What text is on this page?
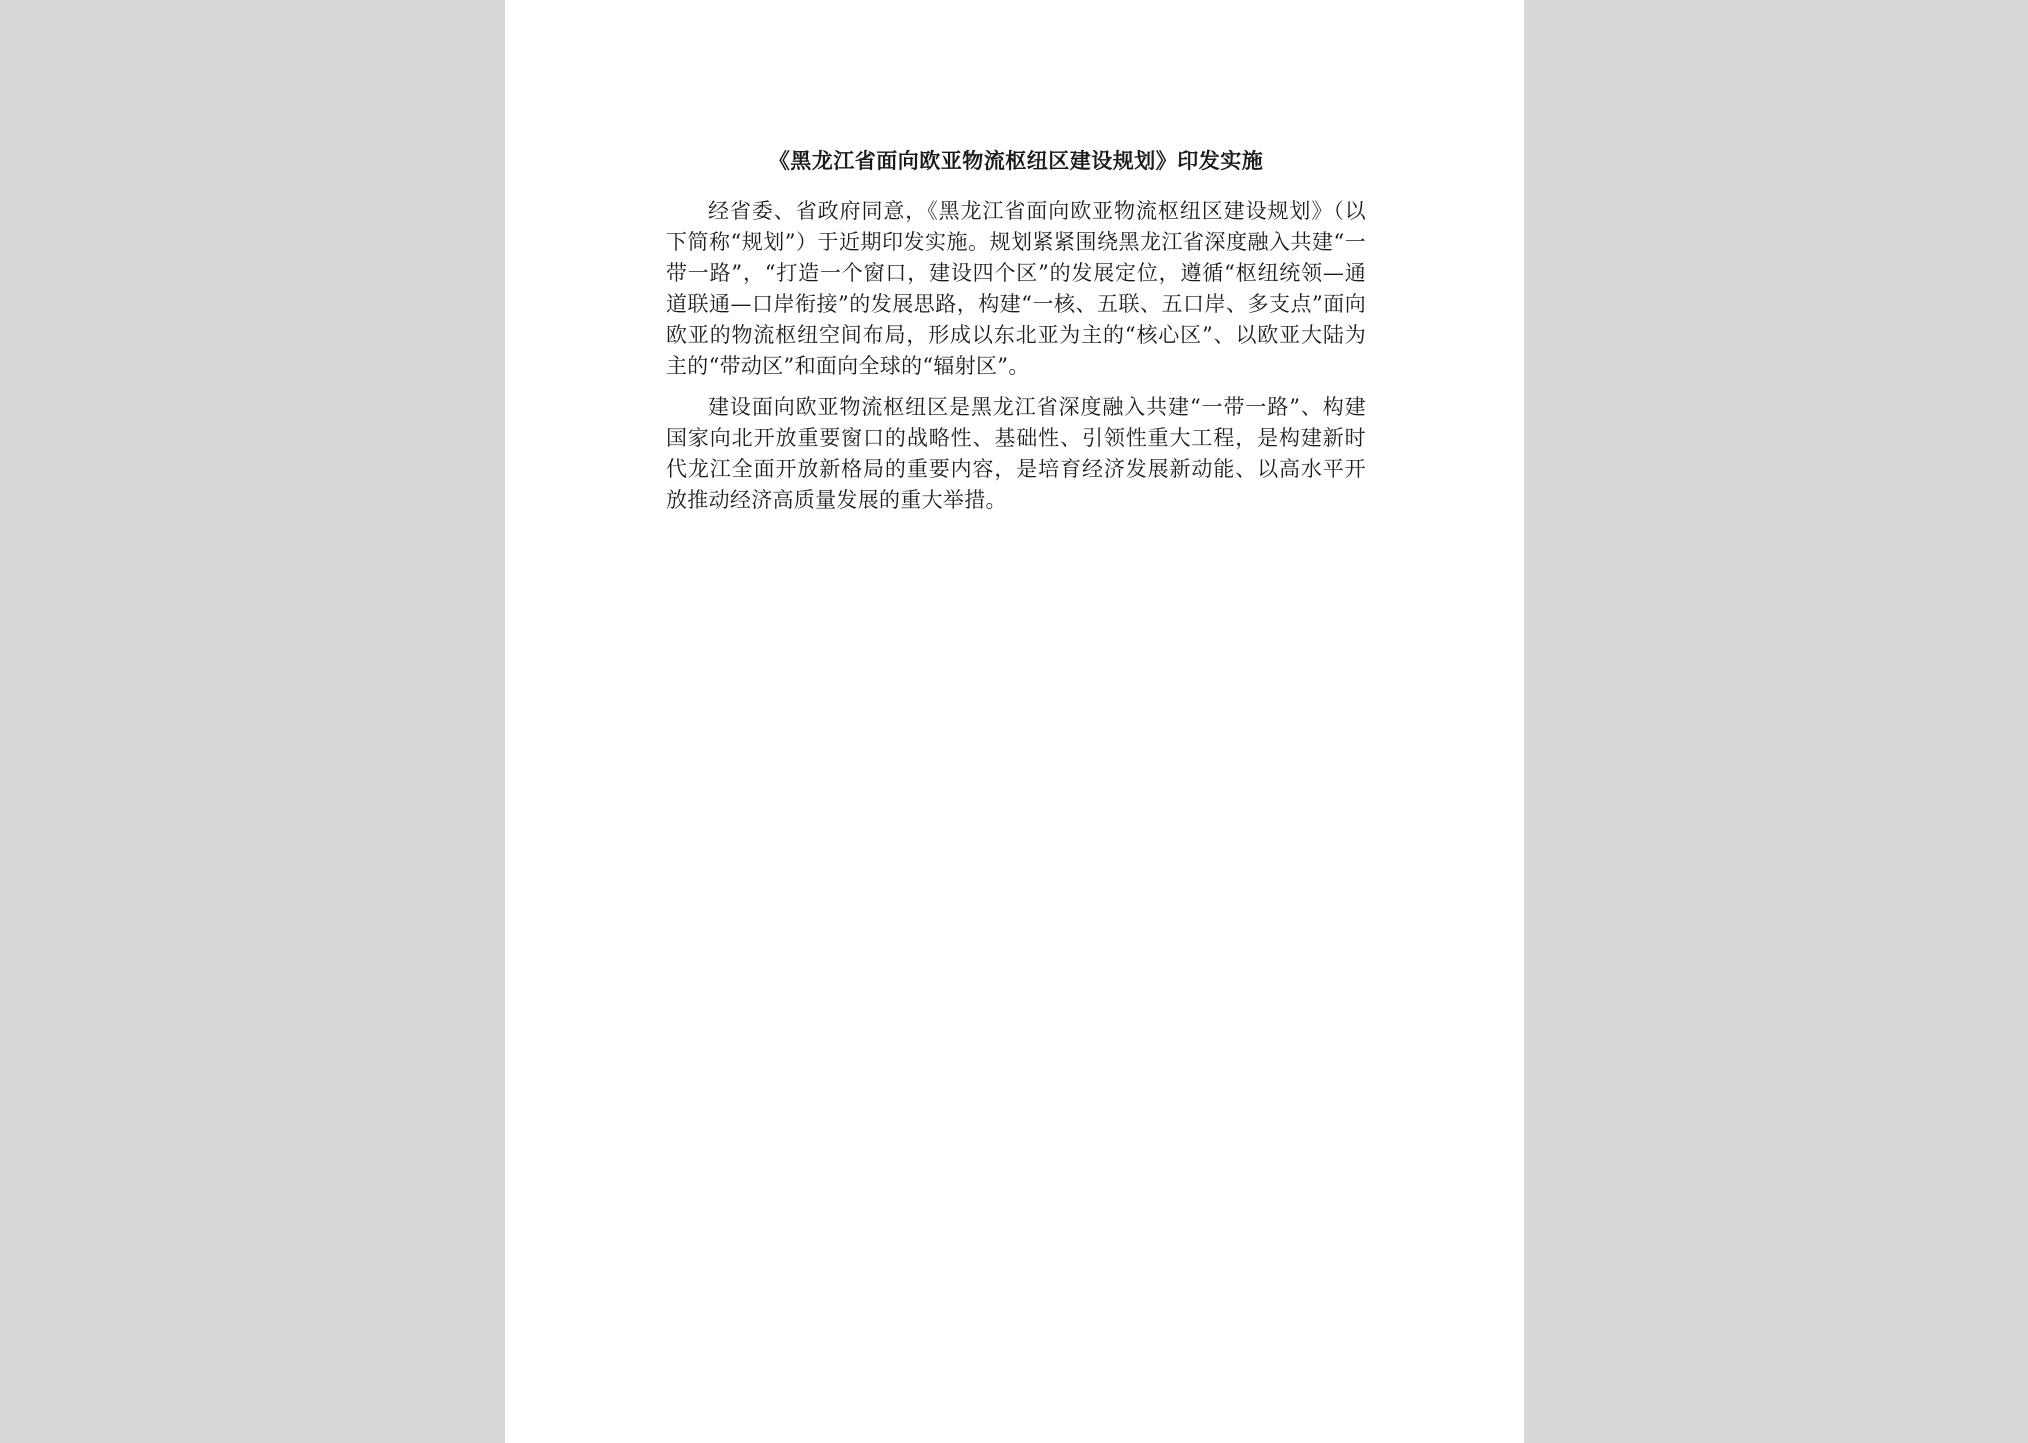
《黑龙江省面向欧亚物流枢纽区建设规划》印发实施

经省委、省政府同意，《黑龙江省面向欧亚物流枢纽区建设规划》（以下简称“规划”）于近期印发实施。规划紧紧围绕黑龙江省深度融入共建“一带一路”，“打造一个窗口，建设四个区”的发展定位，遵循“枢纽统领—通道联通—口岸衔接”的发展思路，构建“一核、五联、五口岸、多支点”面向欧亚的物流枢纽空间布局，形成以东北亚为主的“核心区”、以欧亚大陆为主的“带动区”和面向全球的“辐射区”。

建设面向欧亚物流枢纽区是黑龙江省深度融入共建“一带一路”、构建国家向北开放重要窗口的战略性、基础性、引领性重大工程，是构建新时代龙江全面开放新格局的重要内容，是培育经济发展新动能、以高水平开放推动经济高质量发展的重大举措。
